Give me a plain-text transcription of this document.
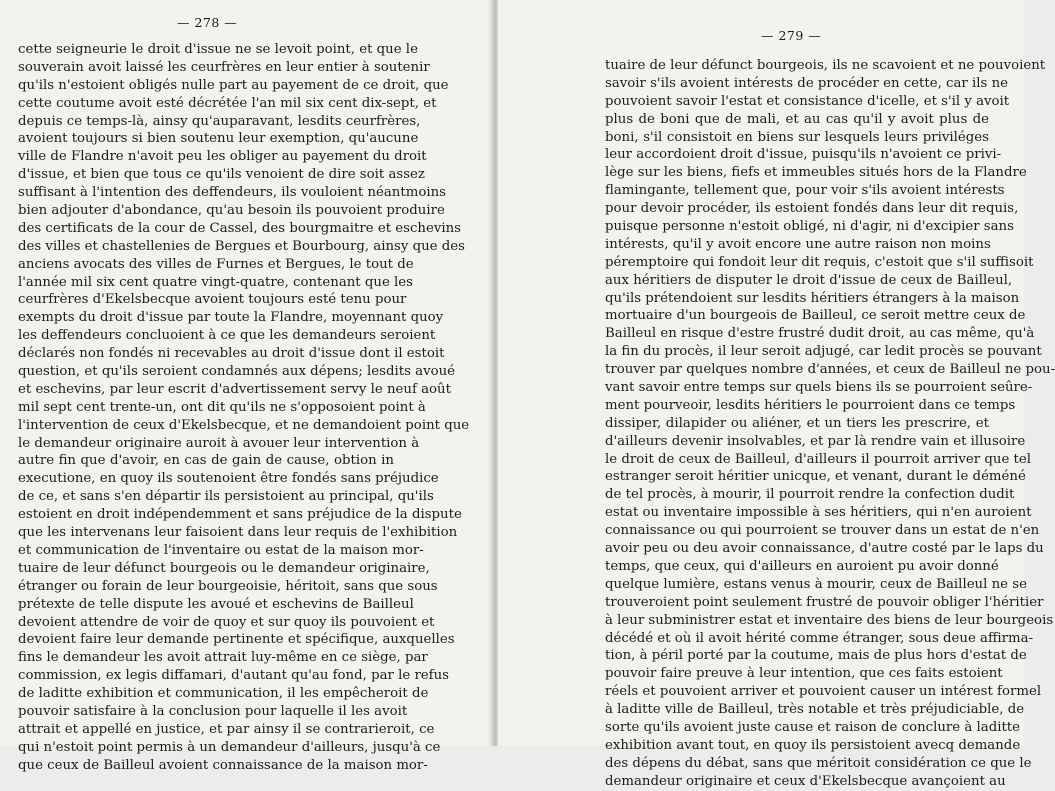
— 278 —
cette seigneurie le droit d'issue ne se levoit point, et que le
souverain avoit laissé les ceurfrères en leur entier à soutenir
qu'ils n'estoient obligés nulle part au payement de ce droit, que
cette coutume avoit esté décrétée l'an mil six cent dix-sept, et
depuis ce temps-là, ainsy qu'auparavant, lesdits ceurfrères,
avoient toujours si bien soutenu leur exemption, qu'aucune
ville de Flandre n'avoit peu les obliger au payement du droit
d'issue, et bien que tous ce qu'ils venoient de dire soit assez
suffisant à l'intention des deffendeurs, ils vouloient néantmoins
bien adjouter d'abondance, qu'au besoin ils pouvoient produire
des certificats de la cour de Cassel, des bourgmaitre et eschevins
des villes et chastellenies de Bergues et Bourbourg, ainsy que des
anciens avocats des villes de Furnes et Bergues, le tout de
l'année mil six cent quatre vingt-quatre, contenant que les
ceurfrères d'Ekelsbecque avoient toujours esté tenu pour
exempts du droit d'issue par toute la Flandre, moyennant quoy
les deffendeurs concluoient à ce que les demandeurs seroient
déclarés non fondés ni recevables au droit d'issue dont il estoit
question, et qu'ils seroient condamnés aux dépens; lesdits avoué
et eschevins, par leur escrit d'advertissement servy le neuf août
mil sept cent trente-un, ont dit qu'ils ne s'opposoient point à
l'intervention de ceux d'Ekelsbecque, et ne demandoient point que
le demandeur originaire auroit à avouer leur intervention à
autre fin que d'avoir, en cas de gain de cause, obtion in
executione, en quoy ils soutenoient être fondés sans préjudice
de ce, et sans s'en départir ils persistoient au principal, qu'ils
estoient en droit indépendemment et sans préjudice de la dispute
que les intervenans leur faisoient dans leur requis de l'exhibition
et communication de l'inventaire ou estat de la maison mor-
tuaire de leur défunct bourgeois ou le demandeur originaire,
étranger ou forain de leur bourgeoisie, héritoit, sans que sous
prétexte de telle dispute les avoué et eschevins de Bailleul
devoient attendre de voir de quoy et sur quoy ils pouvoient et
devoient faire leur demande pertinente et spécifique, auxquelles
fins le demandeur les avoit attrait luy-même en ce siège, par
commission, ex legis diffamari, d'autant qu'au fond, par le refus
de laditte exhibition et communication, il les empêcheroit de
pouvoir satisfaire à la conclusion pour laquelle il les avoit
attrait et appellé en justice, et par ainsy il se contrarieroit, ce
qui n'estoit point permis à un demandeur d'ailleurs, jusqu'à ce
que ceux de Bailleul avoient connaissance de la maison mor-
— 279 —
tuaire de leur défunct bourgeois, ils ne scavoient et ne pouvoient
savoir s'ils avoient intérests de procéder en cette, car ils ne
pouvoient savoir l'estat et consistance d'icelle, et s'il y avoit
plus de boni que de mali, et au cas qu'il y avoit plus de
boni, s'il consistoit en biens sur lesquels leurs priviléges
leur accordoient droit d'issue, puisqu'ils n'avoient ce privi-
lège sur les biens, fiefs et immeubles situés hors de la Flandre
flamingante, tellement que, pour voir s'ils avoient intérests
pour devoir procéder, ils estoient fondés dans leur dit requis,
puisque personne n'estoit obligé, ni d'agir, ni d'excipier sans
intérests, qu'il y avoit encore une autre raison non moins
péremptoire qui fondoit leur dit requis, c'estoit que s'il suffisoit
aux héritiers de disputer le droit d'issue de ceux de Bailleul,
qu'ils prétendoient sur lesdits héritiers étrangers à la maison
mortuaire d'un bourgeois de Bailleul, ce seroit mettre ceux de
Bailleul en risque d'estre frustré dudit droit, au cas même, qu'à
la fin du procès, il leur seroit adjugé, car ledit procès se pouvant
trouver par quelques nombre d'années, et ceux de Bailleul ne pou-
vant savoir entre temps sur quels biens ils se pourroient seûre-
ment pourveoir, lesdits héritiers le pourroient dans ce temps
dissiper, dilapider ou aliéner, et un tiers les prescrire, et
d'ailleurs devenir insolvables, et par là rendre vain et illusoire
le droit de ceux de Bailleul, d'ailleurs il pourroit arriver que tel
estranger seroit héritier unicque, et venant, durant le déméné
de tel procès, à mourir, il pourroit rendre la confection dudit
estat ou inventaire impossible à ses héritiers, qui n'en auroient
connaissance ou qui pourroient se trouver dans un estat de n'en
avoir peu ou deu avoir connaissance, d'autre costé par le laps du
temps, que ceux, qui d'ailleurs en auroient pu avoir donné
quelque lumière, estans venus à mourir, ceux de Bailleul ne se
trouveroient point seulement frustré de pouvoir obliger l'héritier
à leur subministrer estat et inventaire des biens de leur bourgeois
décédé et où il avoit hérité comme étranger, sous deue affirma-
tion, à péril porté par la coutume, mais de plus hors d'estat de
pouvoir faire preuve à leur intention, que ces faits estoient
réels et pouvoient arriver et pouvoient causer un intérest formel
à laditte ville de Bailleul, très notable et très préjudiciable, de
sorte qu'ils avoient juste cause et raison de conclure à laditte
exhibition avant tout, en quoy ils persistoient avecq demande
des dépens du débat, sans que méritoit considération ce que le
demandeur originaire et ceux d'Ekelsbecque avançoient au
